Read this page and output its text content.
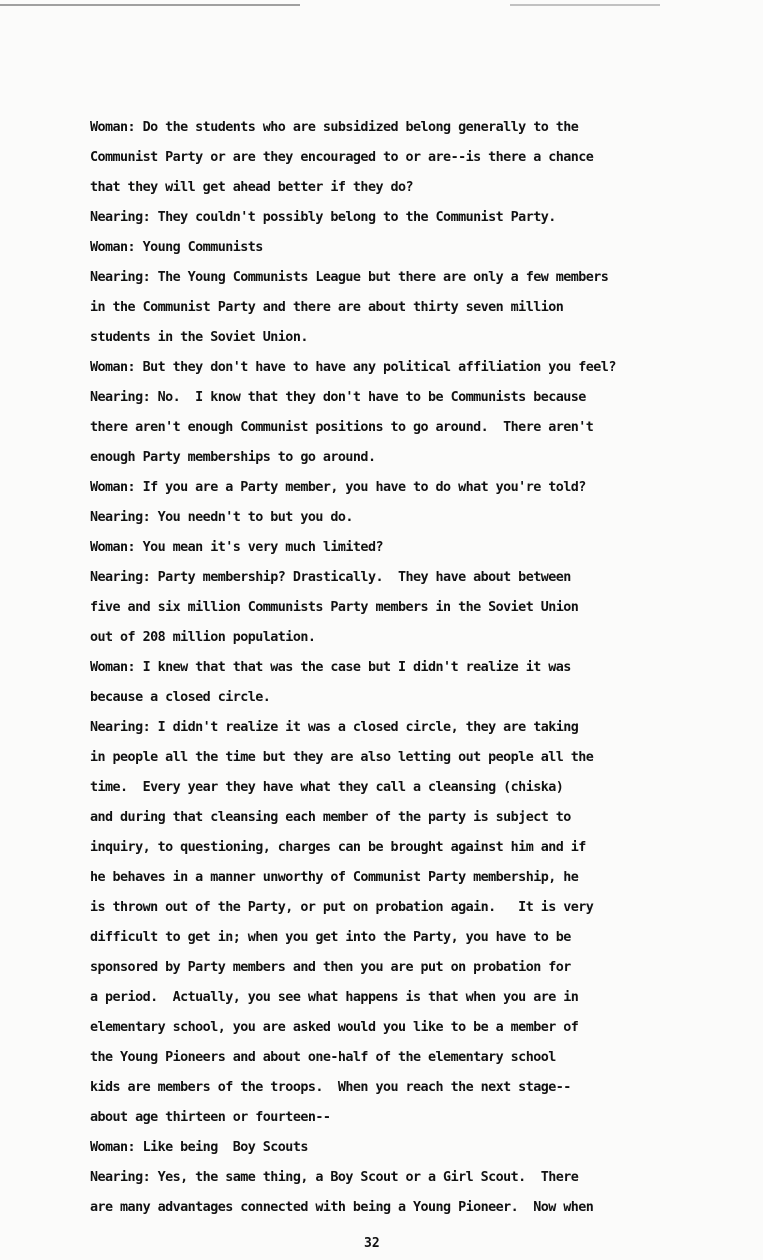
Woman: Do the students who are subsidized belong generally to the
Communist Party or are they encouraged to or are--is there a chance
that they will get ahead better if they do?
Nearing: They couldn't possibly belong to the Communist Party.
Woman: Young Communists
Nearing: The Young Communists League but there are only a few members
in the Communist Party and there are about thirty seven million
students in the Soviet Union.
Woman: But they don't have to have any political affiliation you feel?
Nearing: No.  I know that they don't have to be Communists because
there aren't enough Communist positions to go around.  There aren't
enough Party memberships to go around.
Woman: If you are a Party member, you have to do what you're told?
Nearing: You needn't to but you do.
Woman: You mean it's very much limited?
Nearing: Party membership? Drastically.  They have about between
five and six million Communists Party members in the Soviet Union
out of 208 million population.
Woman: I knew that that was the case but I didn't realize it was
because a closed circle.
Nearing: I didn't realize it was a closed circle, they are taking
in people all the time but they are also letting out people all the
time.  Every year they have what they call a cleansing (chiska)
and during that cleansing each member of the party is subject to
inquiry, to questioning, charges can be brought against him and if
he behaves in a manner unworthy of Communist Party membership, he
is thrown out of the Party, or put on probation again.   It is very
difficult to get in; when you get into the Party, you have to be
sponsored by Party members and then you are put on probation for
a period.  Actually, you see what happens is that when you are in
elementary school, you are asked would you like to be a member of
the Young Pioneers and about one-half of the elementary school
kids are members of the troops.  When you reach the next stage--
about age thirteen or fourteen--
Woman: Like being  Boy Scouts
Nearing: Yes, the same thing, a Boy Scout or a Girl Scout.  There
are many advantages connected with being a Young Pioneer.  Now when
32
